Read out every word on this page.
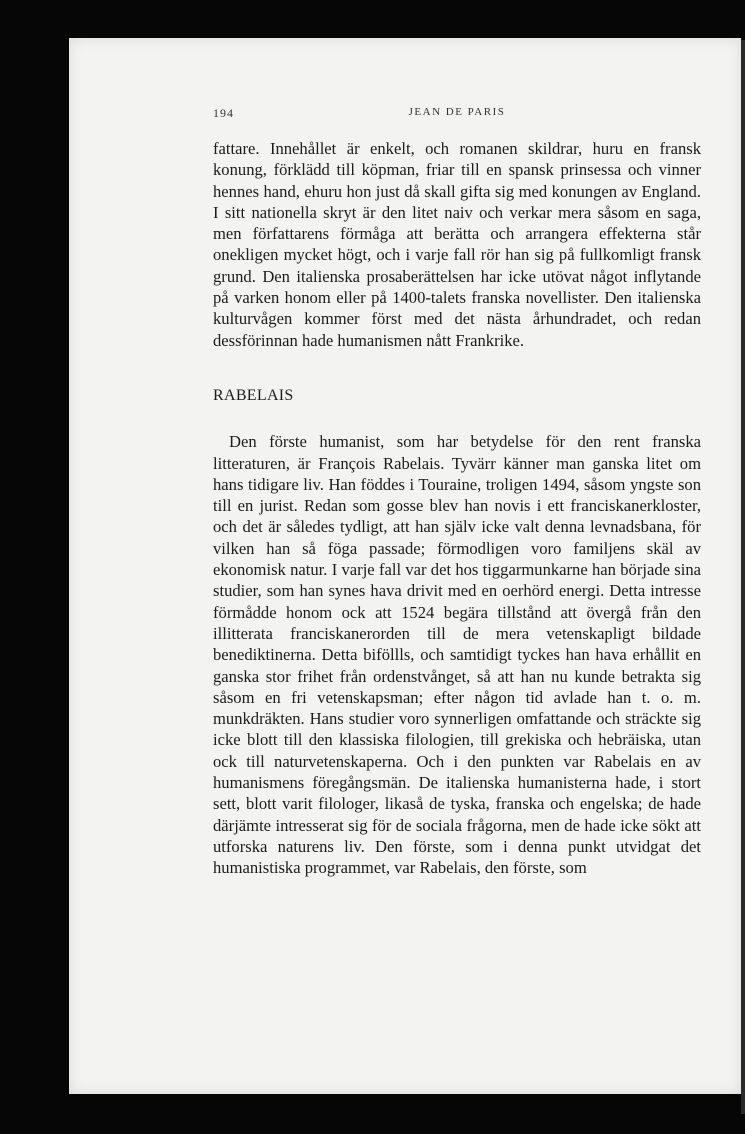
194	JEAN DE PARIS

fattare. Innehållet är enkelt, och romanen skildrar, huru en fransk konung, förklädd till köpman, friar till en spansk prinsessa och vinner hennes hand, ehuru hon just då skall gifta sig med konungen av England. I sitt nationella skryt är den litet naiv och verkar mera såsom en saga, men författarens förmåga att berätta och arrangera effekterna står onekligen mycket högt, och i varje fall rör han sig på fullkomligt fransk grund. Den italienska prosaberättelsen har icke utövat något inflytande på varken honom eller på 1400-talets franska novellister. Den italienska kulturvågen kommer först med det nästa århundradet, och redan dessförinnan hade humanismen nått Frankrike.

RABELAIS

Den förste humanist, som har betydelse för den rent franska litteraturen, är François Rabelais. Tyvärr känner man ganska litet om hans tidigare liv. Han föddes i Touraine, troligen 1494, såsom yngste son till en jurist. Redan som gosse blev han novis i ett franciskanerkloster, och det är således tydligt, att han själv icke valt denna levnadsbana, för vilken han så föga passade; förmodligen voro familjens skäl av ekonomisk natur. I varje fall var det hos tiggarmunkarne han började sina studier, som han synes hava drivit med en oerhörd energi. Detta intresse förmådde honom ock att 1524 begära tillstånd att övergå från den illitterata franciskanerorden till de mera vetenskapligt bildade benediktinerna. Detta biföllls, och samtidigt tyckes han hava erhållit en ganska stor frihet från ordenstvånget, så att han nu kunde betrakta sig såsom en fri vetenskapsman; efter någon tid avlade han t. o. m. munkdräkten. Hans studier voro synnerligen omfattande och sträckte sig icke blott till den klassiska filologien, till grekiska och hebräiska, utan ock till naturvetenskaperna. Och i den punkten var Rabelais en av humanismens föregångsmän. De italienska humanisterna hade, i stort sett, blott varit filologer, likaså de tyska, franska och engelska; de hade därjämte intresserat sig för de sociala frågorna, men de hade icke sökt att utforska naturens liv. Den förste, som i denna punkt utvidgat det humanistiska programmet, var Rabelais, den förste, som
